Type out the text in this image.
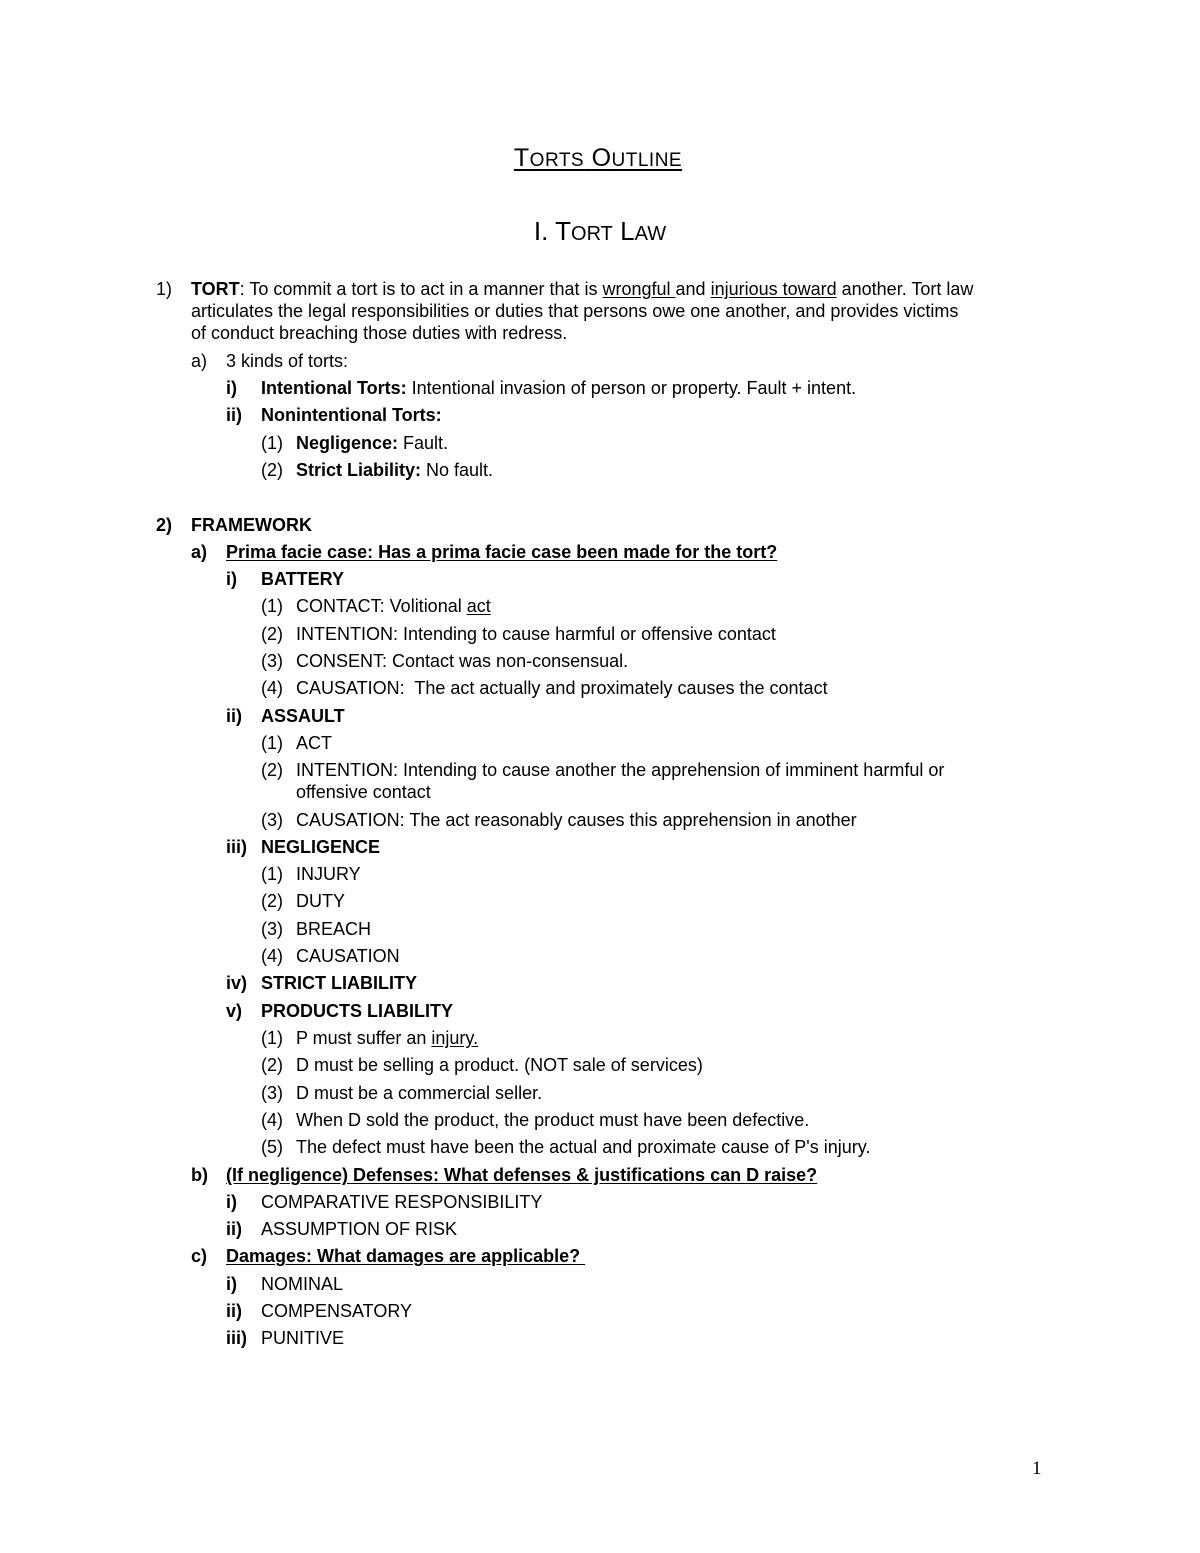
TORTS OUTLINE
I. TORT LAW
1) TORT: To commit a tort is to act in a manner that is wrongful and injurious toward another. Tort law
articulates the legal responsibilities or duties that persons owe one another, and provides victims
of conduct breaching those duties with redress.
a) 3 kinds of torts:
i) Intentional Torts: Intentional invasion of person or property. Fault + intent.
ii) Nonintentional Torts:
(1) Negligence: Fault.
(2) Strict Liability: No fault.
2) FRAMEWORK
a) Prima facie case: Has a prima facie case been made for the tort?
i) BATTERY
(1) CONTACT: Volitional act
(2) INTENTION: Intending to cause harmful or offensive contact
(3) CONSENT: Contact was non-consensual.
(4) CAUSATION:  The act actually and proximately causes the contact
ii) ASSAULT
(1) ACT
(2) INTENTION: Intending to cause another the apprehension of imminent harmful or
offensive contact
(3) CAUSATION: The act reasonably causes this apprehension in another
iii) NEGLIGENCE
(1) INJURY
(2) DUTY
(3) BREACH
(4) CAUSATION
iv) STRICT LIABILITY
v) PRODUCTS LIABILITY
(1) P must suffer an injury.
(2) D must be selling a product. (NOT sale of services)
(3) D must be a commercial seller.
(4) When D sold the product, the product must have been defective.
(5) The defect must have been the actual and proximate cause of P's injury.
b) (If negligence) Defenses: What defenses & justifications can D raise?
i) COMPARATIVE RESPONSIBILITY
ii) ASSUMPTION OF RISK
c) Damages: What damages are applicable?
i) NOMINAL
ii) COMPENSATORY
iii) PUNITIVE
1
